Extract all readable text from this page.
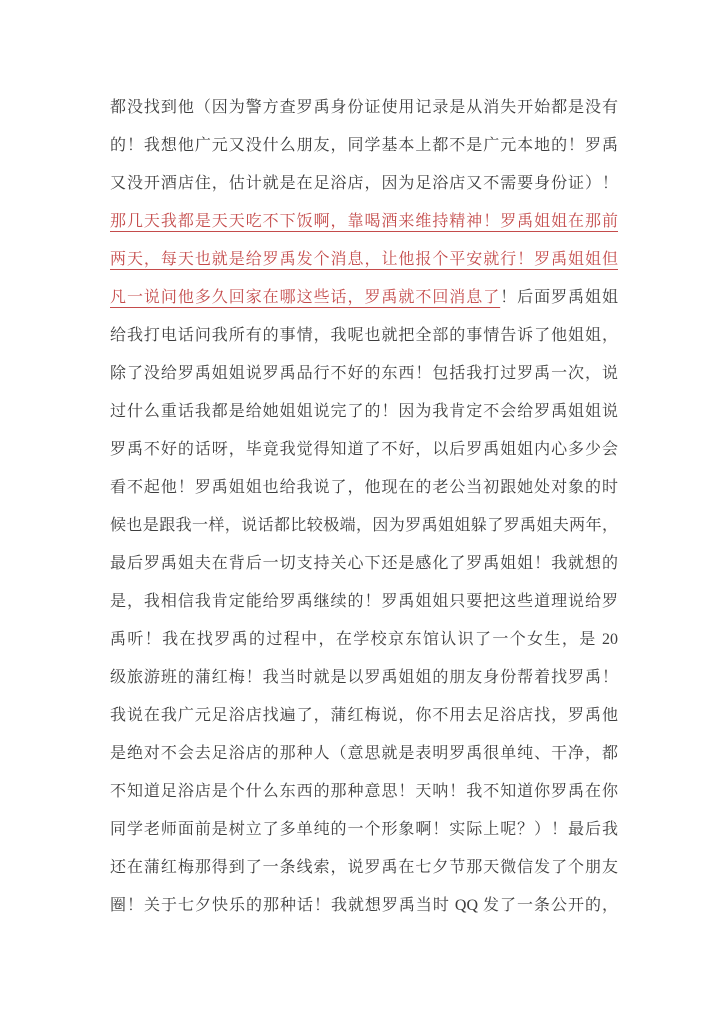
都没找到他（因为警方查罗禹身份证使用记录是从消失开始都是没有
的！我想他广元又没什么朋友，同学基本上都不是广元本地的！罗禹
又没开酒店住，估计就是在足浴店，因为足浴店又不需要身份证）！
那几天我都是天天吃不下饭啊，靠喝酒来维持精神！罗禹姐姐在那前
两天，每天也就是给罗禹发个消息，让他报个平安就行！罗禹姐姐但
凡一说问他多久回家在哪这些话，罗禹就不回消息了！后面罗禹姐姐
给我打电话问我所有的事情，我呢也就把全部的事情告诉了他姐姐，
除了没给罗禹姐姐说罗禹品行不好的东西！包括我打过罗禹一次，说
过什么重话我都是给她姐姐说完了的！因为我肯定不会给罗禹姐姐说
罗禹不好的话呀，毕竟我觉得知道了不好，以后罗禹姐姐内心多少会
看不起他！罗禹姐姐也给我说了，他现在的老公当初跟她处对象的时
候也是跟我一样，说话都比较极端，因为罗禹姐姐躲了罗禹姐夫两年，
最后罗禹姐夫在背后一切支持关心下还是感化了罗禹姐姐！我就想的
是，我相信我肯定能给罗禹继续的！罗禹姐姐只要把这些道理说给罗
禹听！我在找罗禹的过程中，在学校京东馆认识了一个女生，是 20
级旅游班的蒲红梅！我当时就是以罗禹姐姐的朋友身份帮着找罗禹！
我说在我广元足浴店找遍了，蒲红梅说，你不用去足浴店找，罗禹他
是绝对不会去足浴店的那种人（意思就是表明罗禹很单纯、干净，都
不知道足浴店是个什么东西的那种意思！天呐！我不知道你罗禹在你
同学老师面前是树立了多单纯的一个形象啊！实际上呢？）！最后我
还在蒲红梅那得到了一条线索，说罗禹在七夕节那天微信发了个朋友
圈！关于七夕快乐的那种话！我就想罗禹当时 QQ 发了一条公开的，
